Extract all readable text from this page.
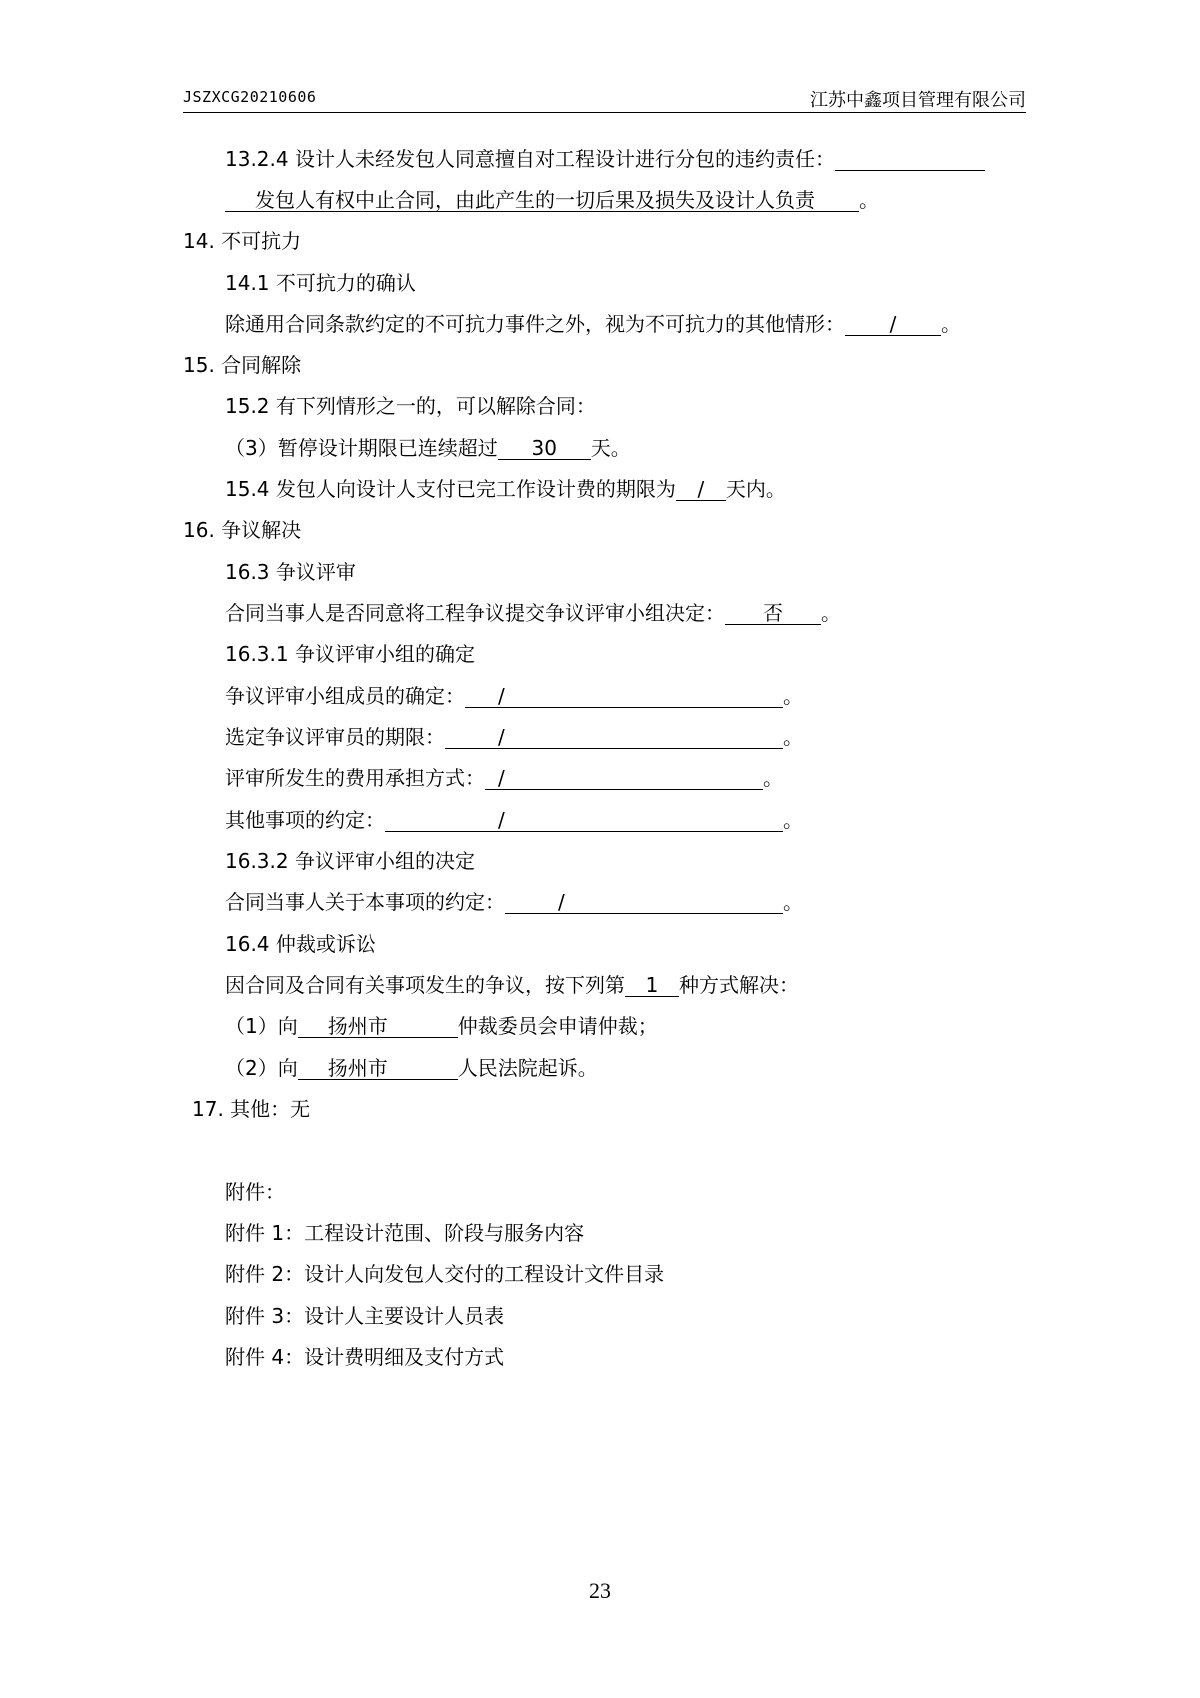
JSZXCG20210606	江苏中鑫项目管理有限公司
13.2.4 设计人未经发包人同意擅自对工程设计进行分包的违约责任：
发包人有权中止合同，由此产生的一切后果及损失及设计人负责 。
14. 不可抗力
14.1 不可抗力的确认
除通用合同条款约定的不可抗力事件之外，视为不可抗力的其他情形： / 。
15. 合同解除
15.2 有下列情形之一的，可以解除合同：
（3）暂停设计期限已连续超过 30 天。
15.4 发包人向设计人支付已完工作设计费的期限为 / 天内。
16. 争议解决
16.3 争议评审
合同当事人是否同意将工程争议提交争议评审小组决定： 否 。
16.3.1 争议评审小组的确定
争议评审小组成员的确定： /	。
选定争议评审员的期限：	/	。
评审所发生的费用承担方式： /	。
其他事项的约定：	/	。
16.3.2 争议评审小组的决定
合同当事人关于本事项的约定：	/	。
16.4 仲裁或诉讼
因合同及合同有关事项发生的争议，按下列第 1 种方式解决：
（1）向 扬州市	仲裁委员会申请仲裁；
（2）向 扬州市	人民法院起诉。
17. 其他：无
附件：
附件 1：工程设计范围、阶段与服务内容
附件 2：设计人向发包人交付的工程设计文件目录
附件 3：设计人主要设计人员表
附件 4：设计费明细及支付方式
23
